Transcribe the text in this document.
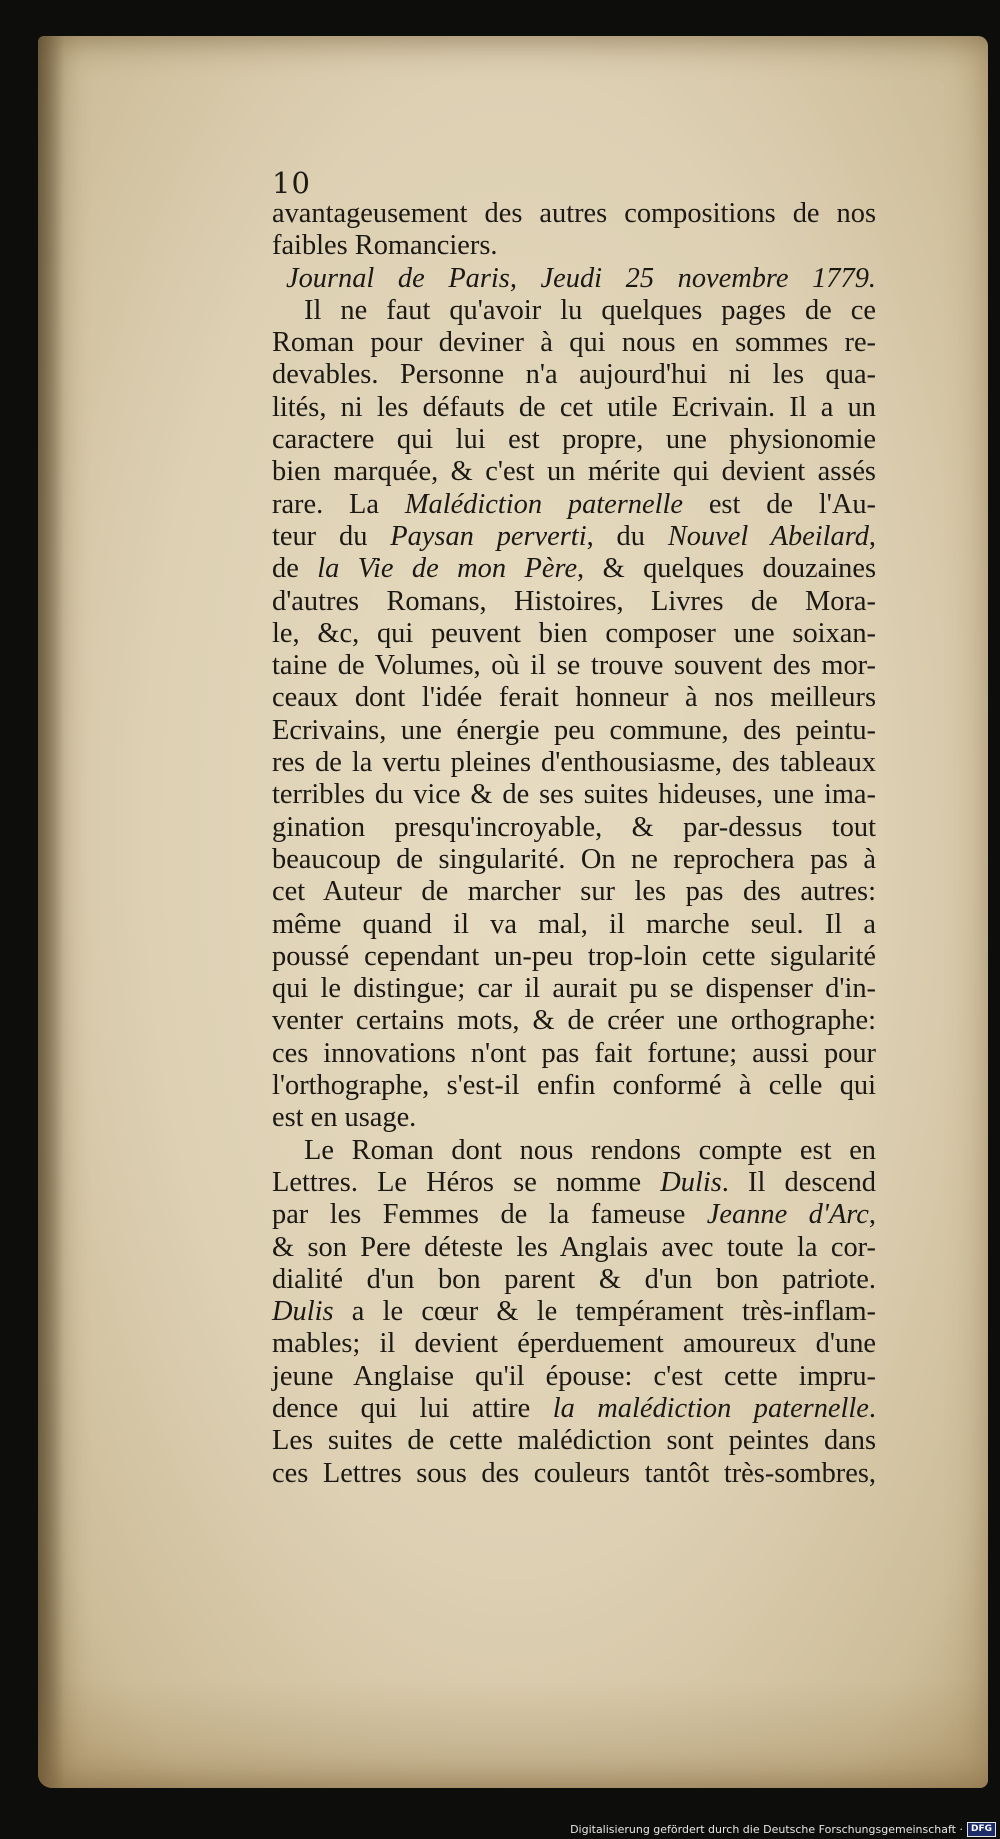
10
avantageusement des autres compositions de nos
faibles Romanciers.
Journal de Paris, Jeudi 25 novembre 1779.
Il ne faut qu'avoir lu quelques pages de ce
Roman pour deviner à qui nous en sommes re-
devables. Personne n'a aujourd'hui ni les qua-
lités, ni les défauts de cet utile Ecrivain. Il a un
caractere qui lui est propre, une physionomie
bien marquée, & c'est un mérite qui devient assés
rare. La Malédiction paternelle est de l'Au-
teur du Paysan perverti, du Nouvel Abeilard,
de la Vie de mon Père, & quelques douzaines
d'autres Romans, Histoires, Livres de Mora-
le, &c, qui peuvent bien composer une soixan-
taine de Volumes, où il se trouve souvent des mor-
ceaux dont l'idée ferait honneur à nos meilleurs
Ecrivains, une énergie peu commune, des peintu-
res de la vertu pleines d'enthousiasme, des tableaux
terribles du vice & de ses suites hideuses, une ima-
gination presqu'incroyable, & par-dessus tout
beaucoup de singularité. On ne reprochera pas à
cet Auteur de marcher sur les pas des autres:
même quand il va mal, il marche seul. Il a
poussé cependant un-peu trop-loin cette sigularité
qui le distingue; car il aurait pu se dispenser d'in-
venter certains mots, & de créer une orthographe:
ces innovations n'ont pas fait fortune; aussi pour
l'orthographe, s'est-il enfin conformé à celle qui
est en usage.
Le Roman dont nous rendons compte est en
Lettres. Le Héros se nomme Dulis. Il descend
par les Femmes de la fameuse Jeanne d'Arc,
& son Pere déteste les Anglais avec toute la cor-
dialité d'un bon parent & d'un bon patriote.
Dulis a le cœur & le tempérament très-inflam-
mables; il devient éperduement amoureux d'une
jeune Anglaise qu'il épouse: c'est cette impru-
dence qui lui attire la malédiction paternelle.
Les suites de cette malédiction sont peintes dans
ces Lettres sous des couleurs tantôt très-sombres,
Digitalisierung gefördert durch die Deutsche Forschungsgemeinschaft · DFG
